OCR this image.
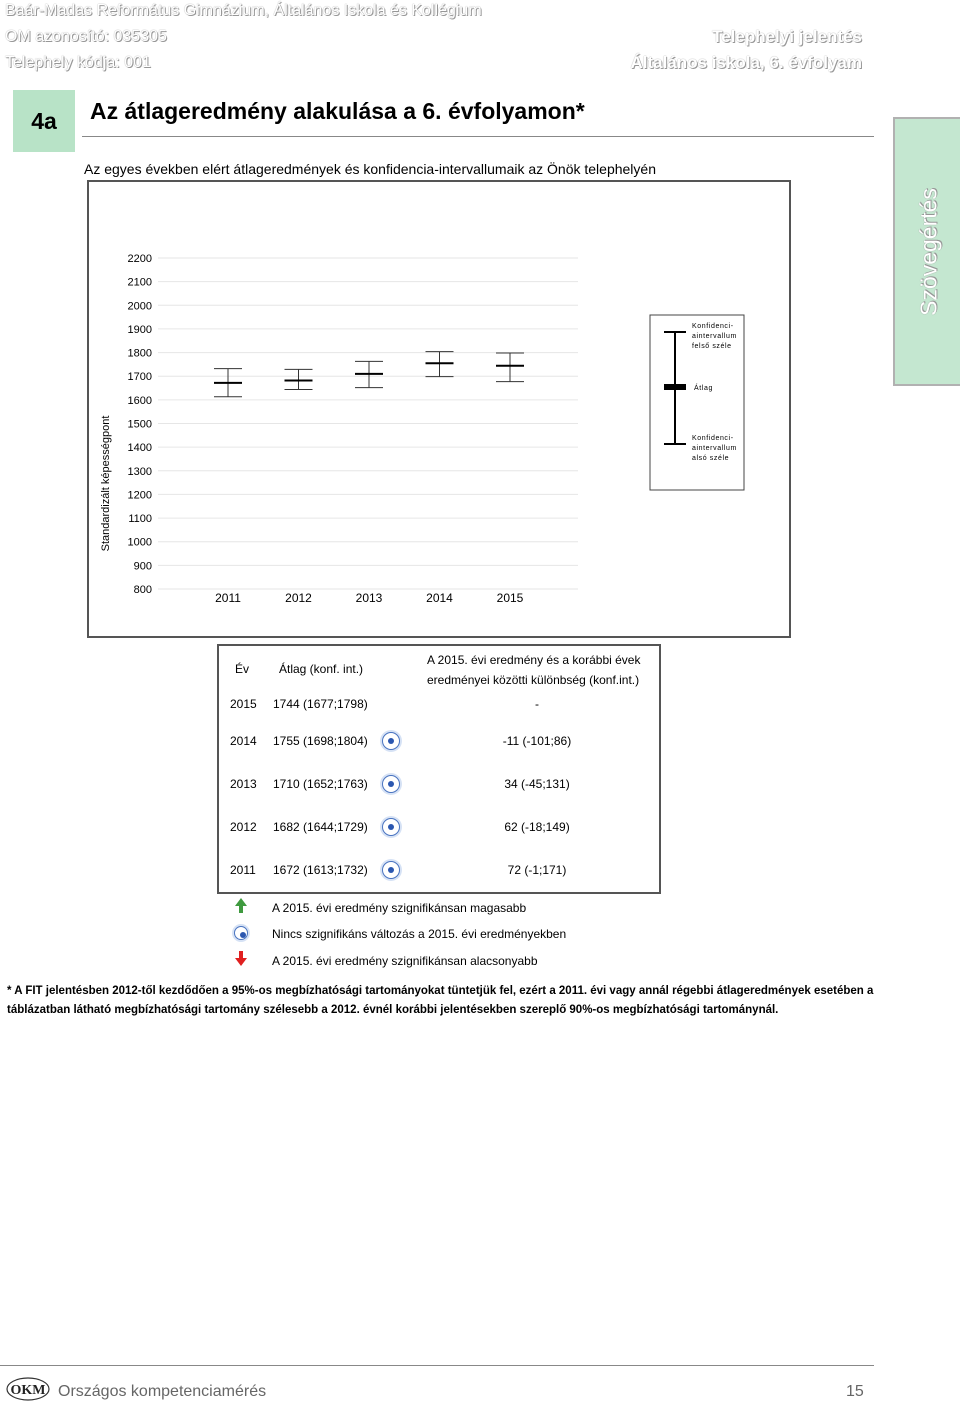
Baár-Madas Református Gimnázium, Általános Iskola és Kollégium
OM azonosító: 035305
Telephely kódja: 001
Telephelyi jelentés
Általános iskola, 6. évfolyam
4a	Az átlageredmény alakulása a 6. évfolyamon*
Az egyes években elért átlageredmények és konfidencia-intervallumaik az Önök telephelyén
Szövegértés
800
900
1000
1100
1200
1300
1400
1500
1600
1700
1800
1900
2000
2100
2200
Standardizált képességpont
2011	2012	2013	2014	2015
Konfidenci-
aintervallum
felső széle
Átlag
Konfidenci-
aintervallum
alsó széle
Év Átlag (konf. int.)
A 2015. évi eredmény és a korábbi évek
eredményei közötti különbség (konf.int.)
2015 1744 (1677;1798)	-
2014 1755 (1698;1804)	-11 (-101;86)
2013 1710 (1652;1763)	34 (-45;131)
2012 1682 (1644;1729)	62 (-18;149)
2011 1672 (1613;1732)	72 (-1;171)
A 2015. évi eredmény szignifikánsan magasabb
Nincs szignifikáns változás a 2015. évi eredményekben
A 2015. évi eredmény szignifikánsan alacsonyabb
* A FIT jelentésben 2012-től kezdődően a 95%-os megbízhatósági tartományokat tüntetjük fel, ezért a 2011. évi vagy annál régebbi átlageredmények esetében a táblázatban látható megbízhatósági tartomány szélesebb a 2012. évnél korábbi jelentésekben szereplő 90%-os megbízhatósági tartománynál.
OKM Országos kompetenciamérés	15
